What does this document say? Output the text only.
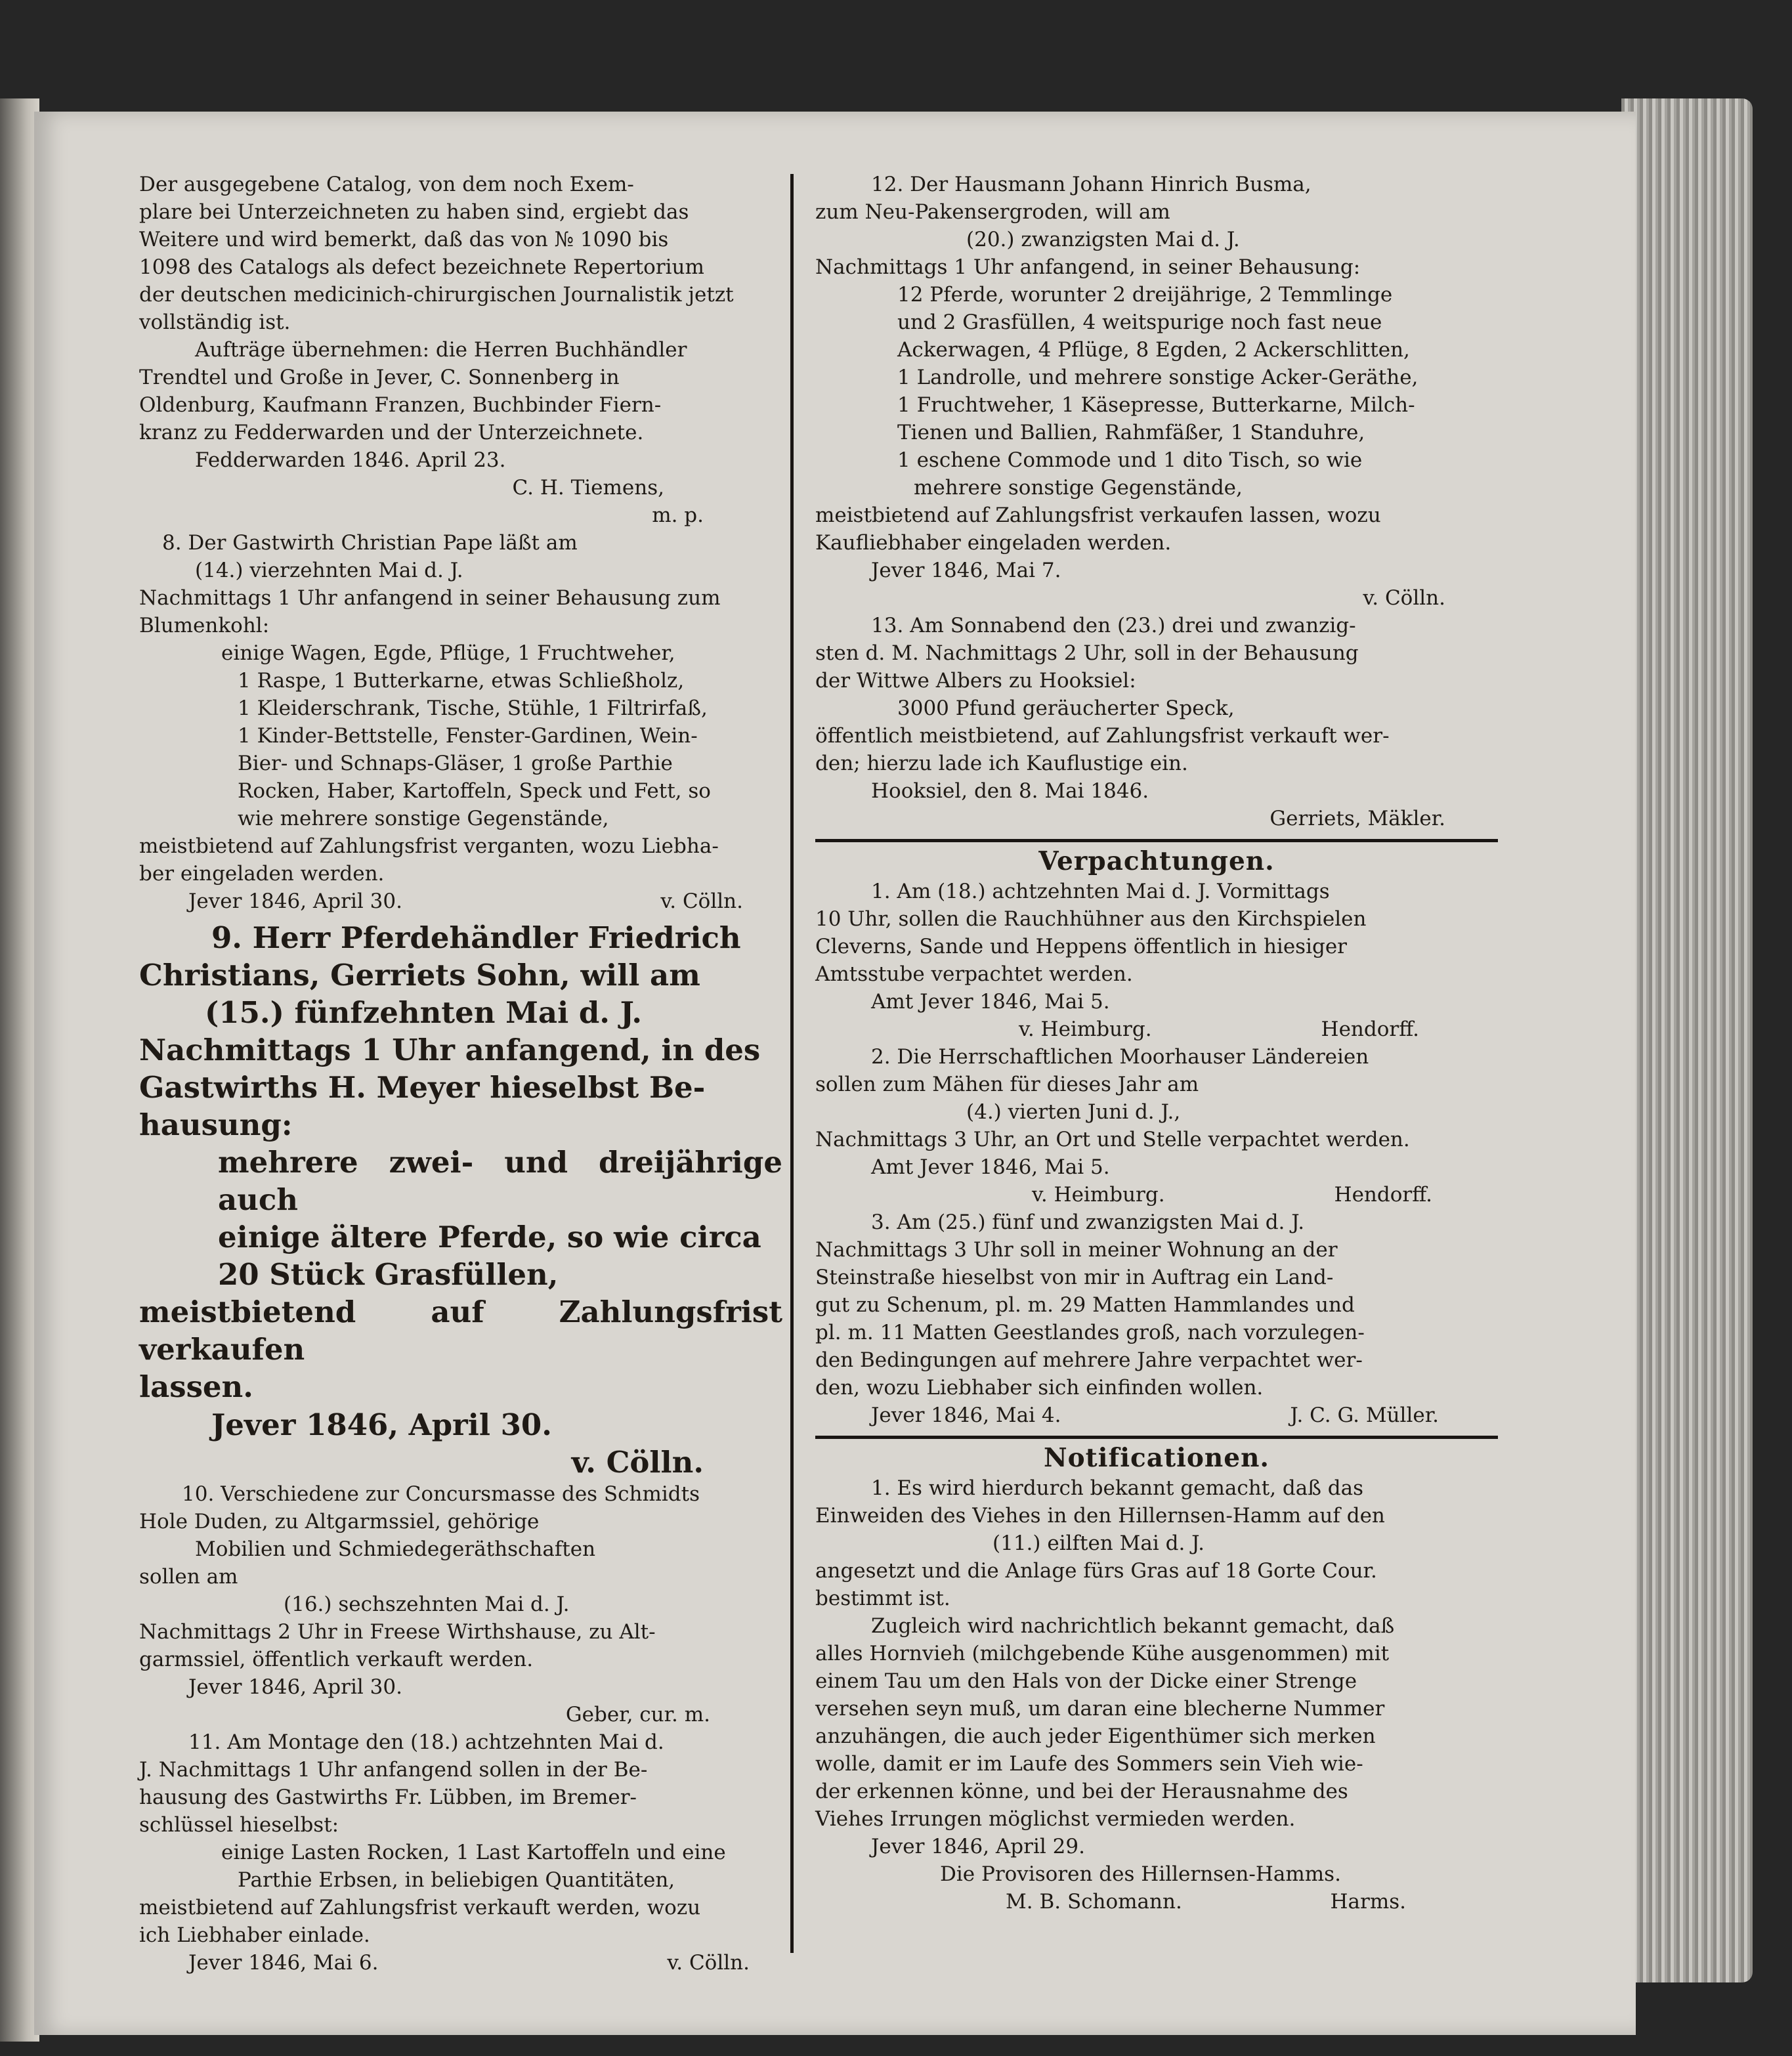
Der ausgegebene Catalog, von dem noch Exem-

plare bei Unterzeichneten zu haben sind, ergiebt das

Weitere und wird bemerkt, daß das von № 1090 bis

1098 des Catalogs als defect bezeichnete Repertorium

der deutschen medicinich-chirurgischen Journalistik jetzt

vollständig ist.

Aufträge übernehmen: die Herren Buchhändler

Trendtel und Große in Jever, C. Sonnenberg in

Oldenburg, Kaufmann Franzen, Buchbinder Fiern-

kranz zu Fedderwarden und der Unterzeichnete.

Fedderwarden 1846. April 23.

C. H. Tiemens,

m. p.

8. Der Gastwirth Christian Pape läßt am

(14.) vierzehnten Mai d. J.

Nachmittags 1 Uhr anfangend in seiner Behausung zum

Blumenkohl:

einige Wagen, Egde, Pflüge, 1 Fruchtweher,

1 Raspe, 1 Butterkarne, etwas Schließholz,

1 Kleiderschrank, Tische, Stühle, 1 Filtrirfaß,

1 Kinder-Bettstelle, Fenster-Gardinen, Wein-

Bier- und Schnaps-Gläser, 1 große Parthie

Rocken, Haber, Kartoffeln, Speck und Fett, so

wie mehrere sonstige Gegenstände,

meistbietend auf Zahlungsfrist verganten, wozu Liebha-

ber eingeladen werden.

Jever 1846, April 30.	v. Cölln.

9. Herr Pferdehändler Friedrich

Christians, Gerriets Sohn, will am

(15.) fünfzehnten Mai d. J.

Nachmittags 1 Uhr anfangend, in des

Gastwirths H. Meyer hieselbst Be-

hausung:

mehrere zwei- und dreijährige auch

einige ältere Pferde, so wie circa

20 Stück Grasfüllen,

meistbietend auf Zahlungsfrist verkaufen

lassen.

Jever 1846, April 30.

v. Cölln.

10. Verschiedene zur Concursmasse des Schmidts

Hole Duden, zu Altgarmssiel, gehörige

Mobilien und Schmiedegeräthschaften

sollen am

(16.) sechszehnten Mai d. J.

Nachmittags 2 Uhr in Freese Wirthshause, zu Alt-

garmssiel, öffentlich verkauft werden.

Jever 1846, April 30.

Geber, cur. m.

11. Am Montage den (18.) achtzehnten Mai d.

J. Nachmittags 1 Uhr anfangend sollen in der Be-

hausung des Gastwirths Fr. Lübben, im Bremer-

schlüssel hieselbst:

einige Lasten Rocken, 1 Last Kartoffeln und eine

Parthie Erbsen, in beliebigen Quantitäten,

meistbietend auf Zahlungsfrist verkauft werden, wozu

ich Liebhaber einlade.

Jever 1846, Mai 6.	v. Cölln.

12. Der Hausmann Johann Hinrich Busma,

zum Neu-Pakensergroden, will am

(20.) zwanzigsten Mai d. J.

Nachmittags 1 Uhr anfangend, in seiner Behausung:

12 Pferde, worunter 2 dreijährige, 2 Temmlinge

und 2 Grasfüllen, 4 weitspurige noch fast neue

Ackerwagen, 4 Pflüge, 8 Egden, 2 Ackerschlitten,

1 Landrolle, und mehrere sonstige Acker-Geräthe,

1 Fruchtweher, 1 Käsepresse, Butterkarne, Milch-

Tienen und Ballien, Rahmfäßer, 1 Standuhre,

1 eschene Commode und 1 dito Tisch, so wie

mehrere sonstige Gegenstände,

meistbietend auf Zahlungsfrist verkaufen lassen, wozu

Kaufliebhaber eingeladen werden.

Jever 1846, Mai 7.

v. Cölln.

13. Am Sonnabend den (23.) drei und zwanzig-

sten d. M. Nachmittags 2 Uhr, soll in der Behausung

der Wittwe Albers zu Hooksiel:

3000 Pfund geräucherter Speck,

öffentlich meistbietend, auf Zahlungsfrist verkauft wer-

den; hierzu lade ich Kauflustige ein.

Hooksiel, den 8. Mai 1846.

Gerriets, Mäkler.

Verpachtungen.

1. Am (18.) achtzehnten Mai d. J. Vormittags

10 Uhr, sollen die Rauchhühner aus den Kirchspielen

Cleverns, Sande und Heppens öffentlich in hiesiger

Amtsstube verpachtet werden.

Amt Jever 1846, Mai 5.

v. Heimburg.	Hendorff.

2. Die Herrschaftlichen Moorhauser Ländereien

sollen zum Mähen für dieses Jahr am

(4.) vierten Juni d. J.,

Nachmittags 3 Uhr, an Ort und Stelle verpachtet werden.

Amt Jever 1846, Mai 5.

v. Heimburg.	Hendorff.

3. Am (25.) fünf und zwanzigsten Mai d. J.

Nachmittags 3 Uhr soll in meiner Wohnung an der

Steinstraße hieselbst von mir in Auftrag ein Land-

gut zu Schenum, pl. m. 29 Matten Hammlandes und

pl. m. 11 Matten Geestlandes groß, nach vorzulegen-

den Bedingungen auf mehrere Jahre verpachtet wer-

den, wozu Liebhaber sich einfinden wollen.

Jever 1846, Mai 4.	J. C. G. Müller.

Notificationen.

1. Es wird hierdurch bekannt gemacht, daß das

Einweiden des Viehes in den Hillernsen-Hamm auf den

(11.) eilften Mai d. J.

angesetzt und die Anlage fürs Gras auf 18 Gorte Cour.

bestimmt ist.

Zugleich wird nachrichtlich bekannt gemacht, daß

alles Hornvieh (milchgebende Kühe ausgenommen) mit

einem Tau um den Hals von der Dicke einer Strenge

versehen seyn muß, um daran eine blecherne Nummer

anzuhängen, die auch jeder Eigenthümer sich merken

wolle, damit er im Laufe des Sommers sein Vieh wie-

der erkennen könne, und bei der Herausnahme des

Viehes Irrungen möglichst vermieden werden.

Jever 1846, April 29.

Die Provisoren des Hillernsen-Hamms.

M. B. Schomann.	Harms.
